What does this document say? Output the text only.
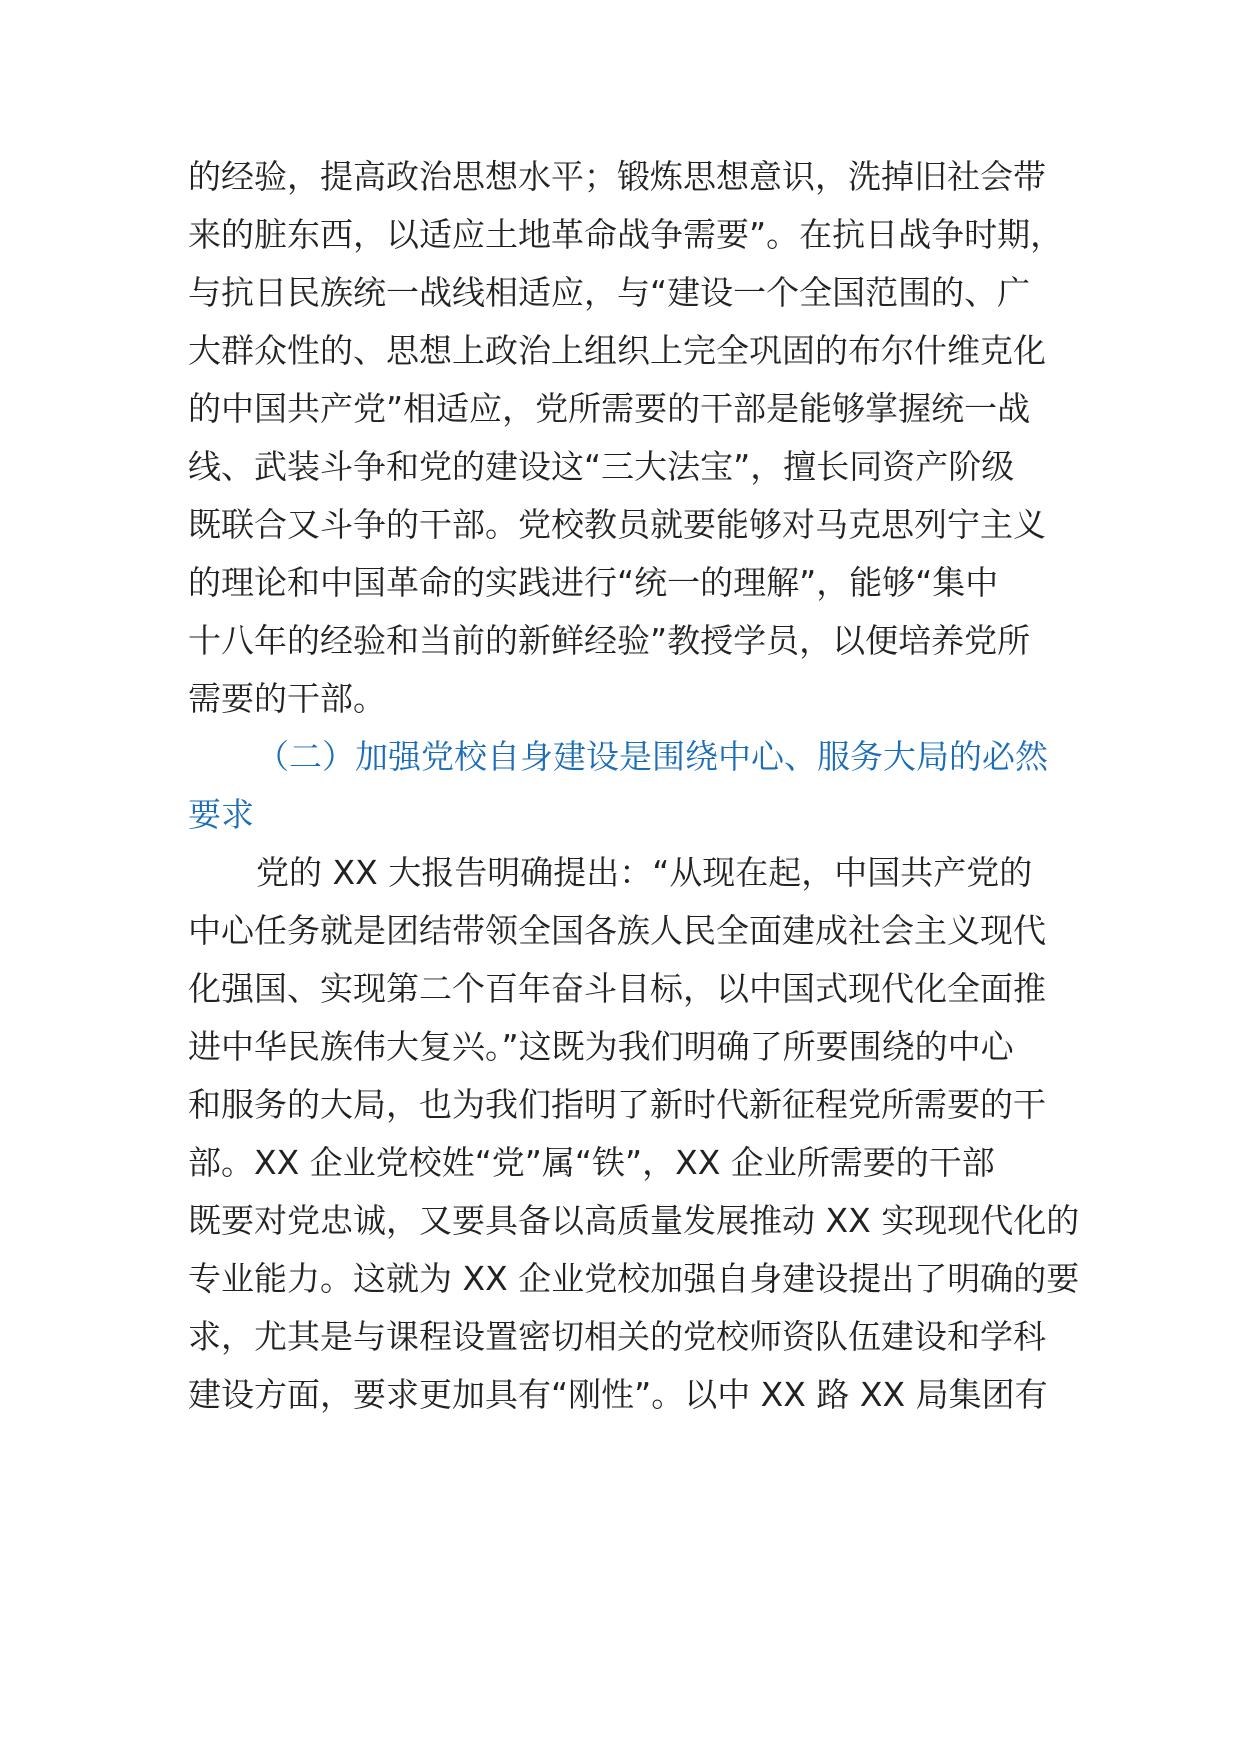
的经验，提高政治思想水平；锻炼思想意识，洗掉旧社会带
来的脏东西，以适应土地革命战争需要”。在抗日战争时期，
与抗日民族统一战线相适应，与“建设一个全国范围的、广
大群众性的、思想上政治上组织上完全巩固的布尔什维克化
的中国共产党”相适应，党所需要的干部是能够掌握统一战
线、武装斗争和党的建设这“三大法宝”，擅长同资产阶级
既联合又斗争的干部。党校教员就要能够对马克思列宁主义
的理论和中国革命的实践进行“统一的理解”，能够“集中
十八年的经验和当前的新鲜经验”教授学员，以便培养党所
需要的干部。
（二）加强党校自身建设是围绕中心、服务大局的必然
要求
党的 XX 大报告明确提出：“从现在起，中国共产党的
中心任务就是团结带领全国各族人民全面建成社会主义现代
化强国、实现第二个百年奋斗目标，以中国式现代化全面推
进中华民族伟大复兴。”这既为我们明确了所要围绕的中心
和服务的大局，也为我们指明了新时代新征程党所需要的干
部。XX 企业党校姓“党”属“铁”，XX 企业所需要的干部
既要对党忠诚，又要具备以高质量发展推动 XX 实现现代化的
专业能力。这就为 XX 企业党校加强自身建设提出了明确的要
求，尤其是与课程设置密切相关的党校师资队伍建设和学科
建设方面，要求更加具有“刚性”。以中 XX 路 XX 局集团有
